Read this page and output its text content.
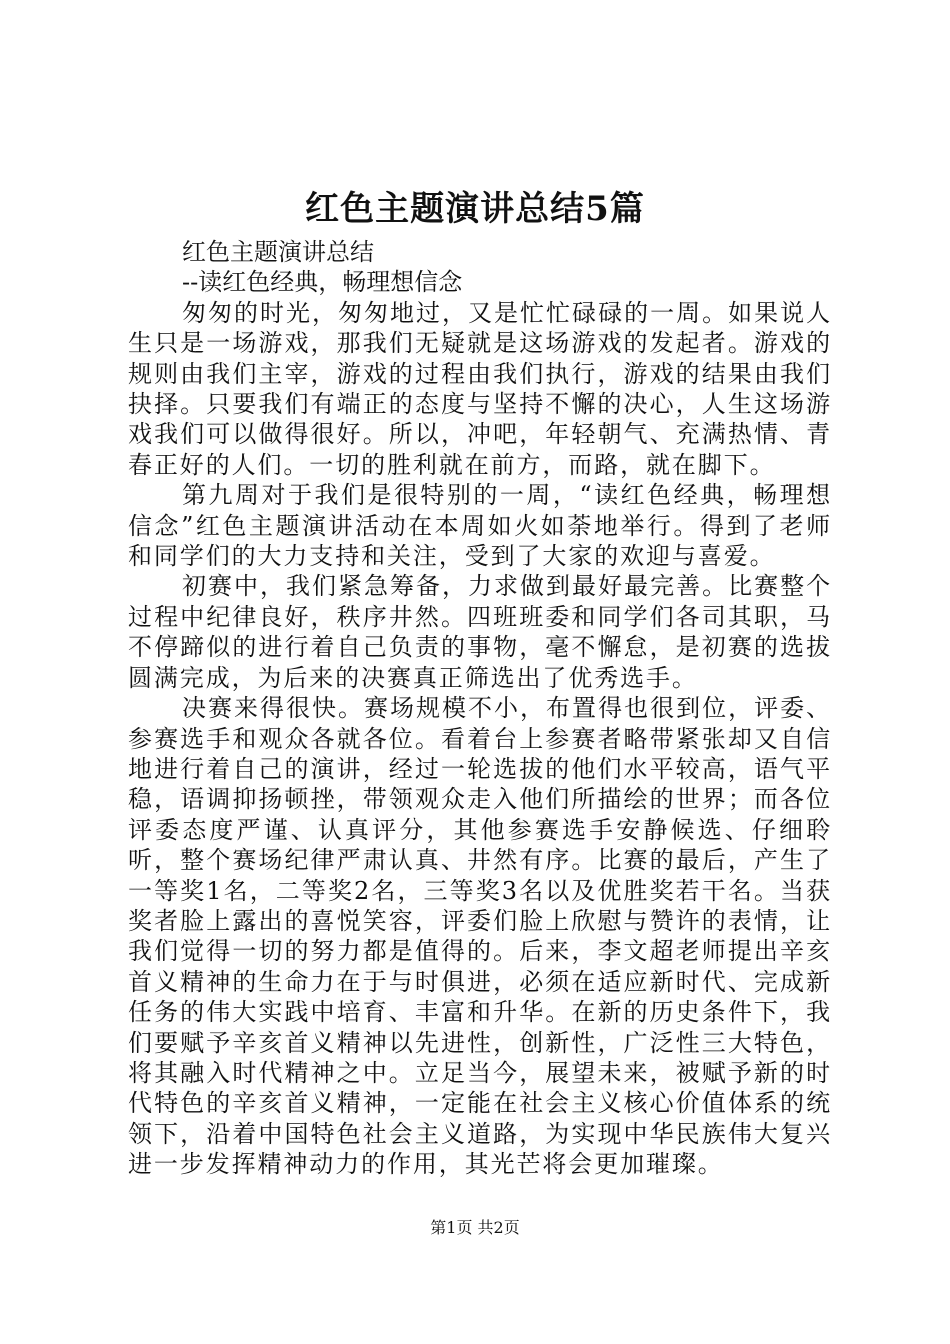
红色主题演讲总结5篇

红色主题演讲总结

--读红色经典，畅理想信念

匆匆的时光，匆匆地过，又是忙忙碌碌的一周。如果说人生只是一场游戏，那我们无疑就是这场游戏的发起者。游戏的规则由我们主宰，游戏的过程由我们执行，游戏的结果由我们抉择。只要我们有端正的态度与坚持不懈的决心，人生这场游戏我们可以做得很好。所以，冲吧，年轻朝气、充满热情、青春正好的人们。一切的胜利就在前方，而路，就在脚下。

第九周对于我们是很特别的一周，“读红色经典，畅理想信念”红色主题演讲活动在本周如火如荼地举行。得到了老师和同学们的大力支持和关注，受到了大家的欢迎与喜爱。

初赛中，我们紧急筹备，力求做到最好最完善。比赛整个过程中纪律良好，秩序井然。四班班委和同学们各司其职，马不停蹄似的进行着自己负责的事物，毫不懈怠，是初赛的选拔圆满完成，为后来的决赛真正筛选出了优秀选手。

决赛来得很快。赛场规模不小，布置得也很到位，评委、参赛选手和观众各就各位。看着台上参赛者略带紧张却又自信地进行着自己的演讲，经过一轮选拔的他们水平较高，语气平稳，语调抑扬顿挫，带领观众走入他们所描绘的世界；而各位评委态度严谨、认真评分，其他参赛选手安静候选、仔细聆听，整个赛场纪律严肃认真、井然有序。比赛的最后，产生了一等奖1名，二等奖2名，三等奖3名以及优胜奖若干名。当获奖者脸上露出的喜悦笑容，评委们脸上欣慰与赞许的表情，让我们觉得一切的努力都是值得的。后来，李文超老师提出辛亥首义精神的生命力在于与时俱进，必须在适应新时代、完成新任务的伟大实践中培育、丰富和升华。在新的历史条件下，我们要赋予辛亥首义精神以先进性，创新性，广泛性三大特色，将其融入时代精神之中。立足当今，展望未来，被赋予新的时代特色的辛亥首义精神，一定能在社会主义核心价值体系的统领下，沿着中国特色社会主义道路，为实现中华民族伟大复兴进一步发挥精神动力的作用，其光芒将会更加璀璨。

第1页 共2页
